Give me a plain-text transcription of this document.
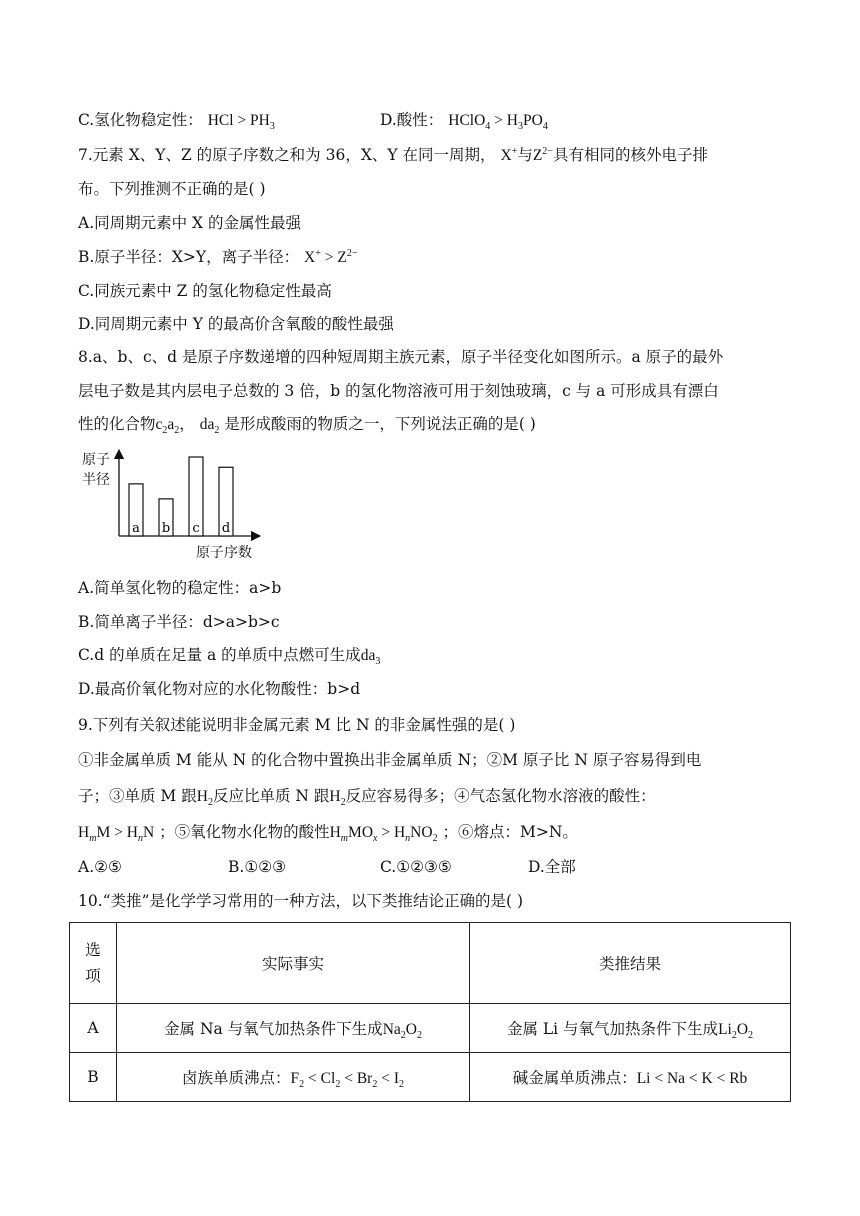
C.氢化物稳定性： HCl > $PH_3$	D.酸性： HClO$_4$ > $H_3PO_4$
7.元素 X、Y、Z 的原子序数之和为 36，X、Y 在同一周期， X+与$Z^{2-}$具有相同的核外电子排
布。下列推测不正确的是( )
A.同周期元素中 X 的金属性最强
B.原子半径：X>Y，离子半径： $X^+ > Z^{2-}$
C.同族元素中 Z 的氢化物稳定性最高
D.同周期元素中 Y 的最高价含氧酸的酸性最强
8.a、b、c、d 是原子序数递增的四种短周期主族元素，原子半径变化如图所示。a 原子的最外
层电子数是其内层电子总数的 3 倍，b 的氢化物溶液可用于刻蚀玻璃，c 与 a 可形成具有漂白
性的化合物$c_2a_2$， $da_2$ 是形成酸雨的物质之一，下列说法正确的是( )
a b c d
原子半径
原子序数
A.简单氢化物的稳定性：a>b
B.简单离子半径：d>a>b>c
C.d 的单质在足量 a 的单质中点燃可生成$da_3$
D.最高价氧化物对应的水化物酸性：b>d
9.下列有关叙述能说明非金属元素 M 比 N 的非金属性强的是( )
①非金属单质 M 能从 N 的化合物中置换出非金属单质 N；②M 原子比 N 原子容易得到电
子；③单质 M 跟$H_2$反应比单质 N 跟$H_2$反应容易得多；④气态氢化物水溶液的酸性：
$H_mM > H_nN$ ；⑤氧化物水化物的酸性$H_mMO_x > H_nNO_2$ ；⑥熔点：M>N。
A.②⑤	B.①②③	C.①②③⑤	D.全部
10.“类推”是化学学习常用的一种方法，以下类推结论正确的是( )
选
项	实际事实	类推结果
A	金属 Na 与氧气加热条件下生成$Na_2O_2$	金属 Li 与氧气加热条件下生成$Li_2O_2$
B	卤族单质沸点：$F_2 < Cl_2 < Br_2 < I_2$	碱金属单质沸点：Li < Na < K < Rb
